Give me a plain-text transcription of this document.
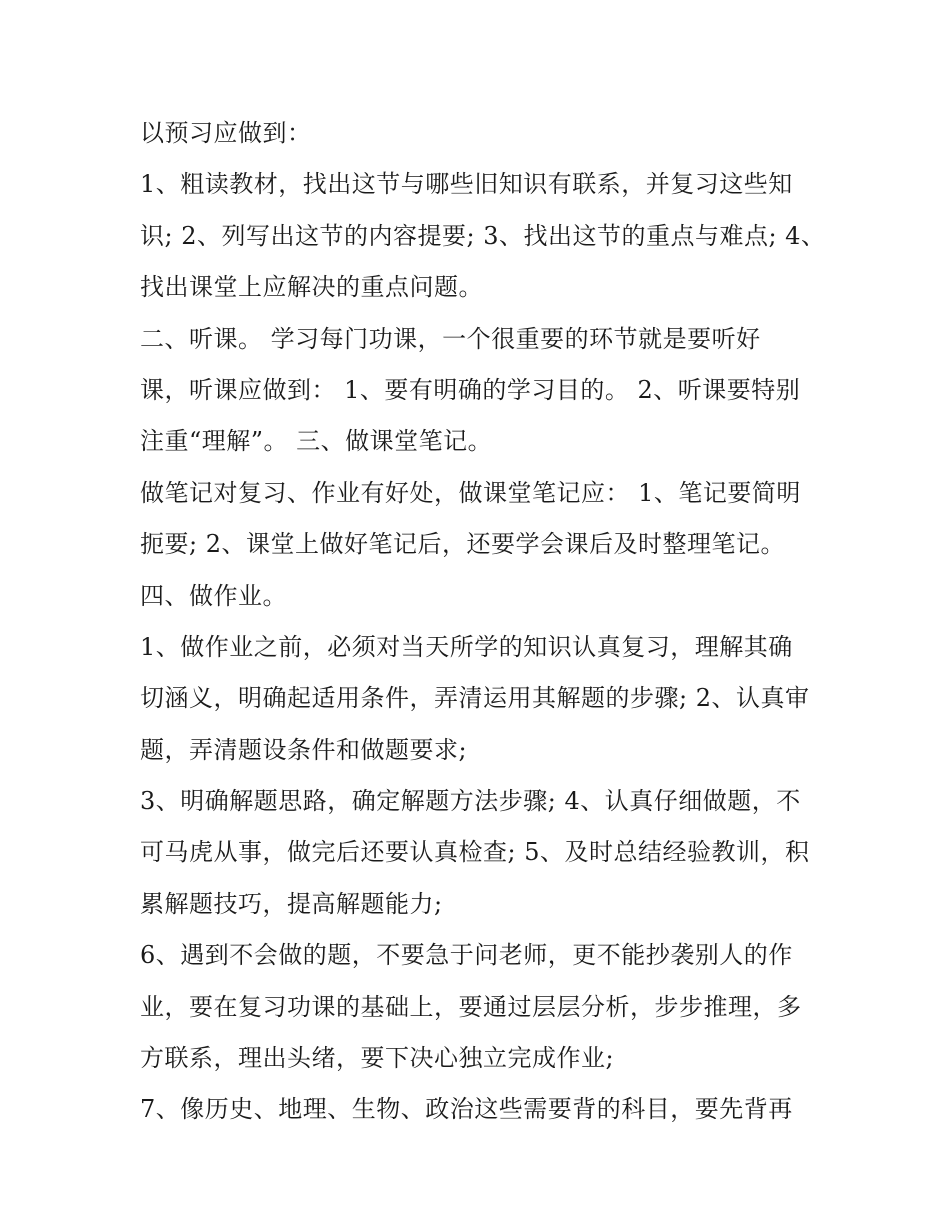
以预习应做到：
1、粗读教材，找出这节与哪些旧知识有联系，并复习这些知
识; 2、列写出这节的内容提要; 3、找出这节的重点与难点; 4、
找出课堂上应解决的重点问题。
二、听课。 学习每门功课，一个很重要的环节就是要听好
课，听课应做到： 1、要有明确的学习目的。 2、听课要特别
注重“理解”。 三、做课堂笔记。
做笔记对复习、作业有好处，做课堂笔记应： 1、笔记要简明
扼要; 2、课堂上做好笔记后，还要学会课后及时整理笔记。
四、做作业。
1、做作业之前，必须对当天所学的知识认真复习，理解其确
切涵义，明确起适用条件，弄清运用其解题的步骤; 2、认真审
题，弄清题设条件和做题要求;
3、明确解题思路，确定解题方法步骤; 4、认真仔细做题，不
可马虎从事，做完后还要认真检查; 5、及时总结经验教训，积
累解题技巧，提高解题能力;
6、遇到不会做的题，不要急于问老师，更不能抄袭别人的作
业，要在复习功课的基础上，要通过层层分析，步步推理，多
方联系，理出头绪，要下决心独立完成作业;
7、像历史、地理、生物、政治这些需要背的科目，要先背再
